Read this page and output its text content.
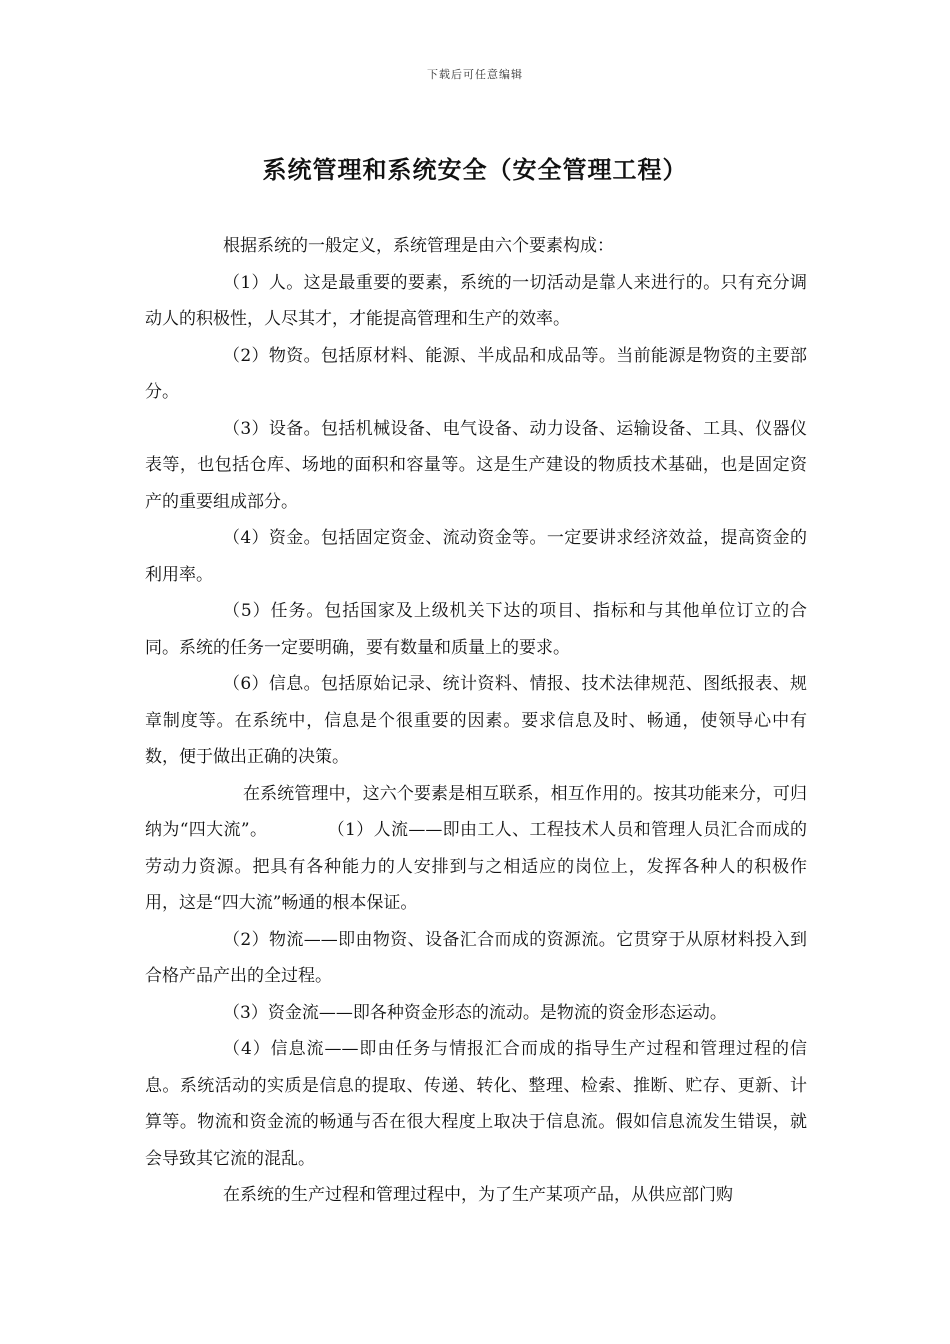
下载后可任意编辑
系统管理和系统安全（安全管理工程）

根据系统的一般定义，系统管理是由六个要素构成：

（1）人。这是最重要的要素，系统的一切活动是靠人来进行的。只有充分调动人的积极性，人尽其才，才能提高管理和生产的效率。

（2）物资。包括原材料、能源、半成品和成品等。当前能源是物资的主要部分。

（3）设备。包括机械设备、电气设备、动力设备、运输设备、工具、仪器仪表等，也包括仓库、场地的面积和容量等。这是生产建设的物质技术基础，也是固定资产的重要组成部分。

（4）资金。包括固定资金、流动资金等。一定要讲求经济效益，提高资金的利用率。

（5）任务。包括国家及上级机关下达的项目、指标和与其他单位订立的合同。系统的任务一定要明确，要有数量和质量上的要求。

（6）信息。包括原始记录、统计资料、情报、技术法律规范、图纸报表、规章制度等。在系统中，信息是个很重要的因素。要求信息及时、畅通，使领导心中有数，便于做出正确的决策。

在系统管理中，这六个要素是相互联系，相互作用的。按其功能来分，可归纳为“四大流”。	（1）人流——即由工人、工程技术人员和管理人员汇合而成的劳动力资源。把具有各种能力的人安排到与之相适应的岗位上，发挥各种人的积极作用，这是“四大流”畅通的根本保证。

（2）物流——即由物资、设备汇合而成的资源流。它贯穿于从原材料投入到合格产品产出的全过程。

（3）资金流——即各种资金形态的流动。是物流的资金形态运动。

（4）信息流——即由任务与情报汇合而成的指导生产过程和管理过程的信息。系统活动的实质是信息的提取、传递、转化、整理、检索、推断、贮存、更新、计算等。物流和资金流的畅通与否在很大程度上取决于信息流。假如信息流发生错误，就会导致其它流的混乱。

在系统的生产过程和管理过程中，为了生产某项产品，从供应部门购
